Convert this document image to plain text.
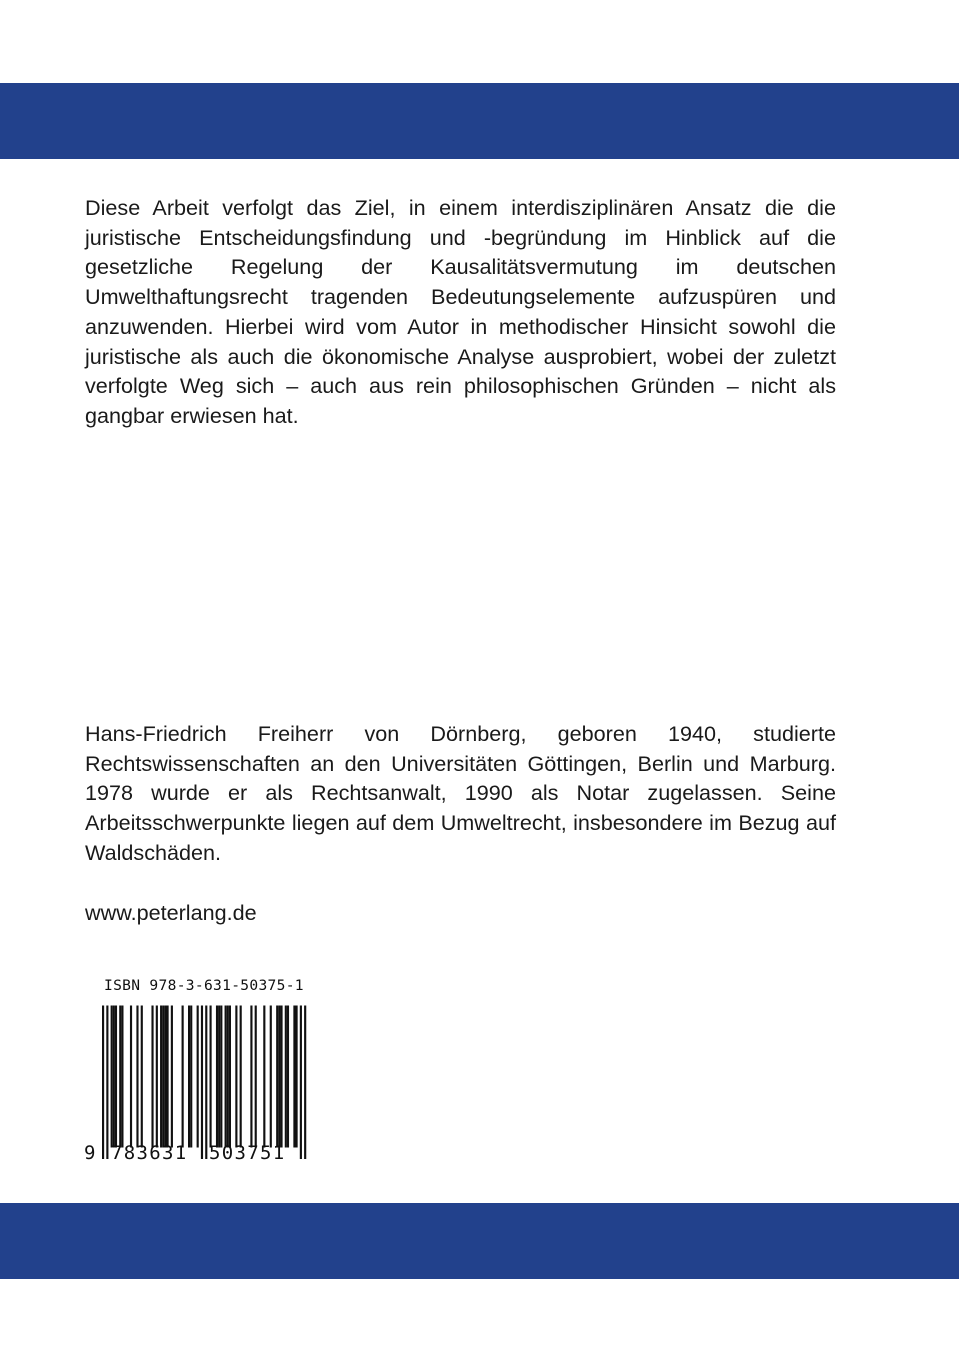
Diese Arbeit verfolgt das Ziel, in einem interdisziplinären Ansatz die die juristische Entscheidungsfindung und -begründung im Hinblick auf die gesetzliche Regelung der Kausalitätsvermutung im deutschen Umwelthaftungsrecht tragenden Bedeutungselemente aufzuspüren und anzuwenden. Hierbei wird vom Autor in methodischer Hinsicht sowohl die juristische als auch die ökonomische Analyse ausprobiert, wobei der zuletzt verfolgte Weg sich – auch aus rein philosophischen Gründen – nicht als gangbar erwiesen hat.

Hans-Friedrich Freiherr von Dörnberg, geboren 1940, studierte Rechtswissenschaften an den Universitäten Göttingen, Berlin und Marburg. 1978 wurde er als Rechtsanwalt, 1990 als Notar zugelassen. Seine Arbeitsschwerpunkte liegen auf dem Umweltrecht, insbesondere im Bezug auf Waldschäden.

www.peterlang.de

ISBN 978-3-631-50375-1
9 783631 503751
